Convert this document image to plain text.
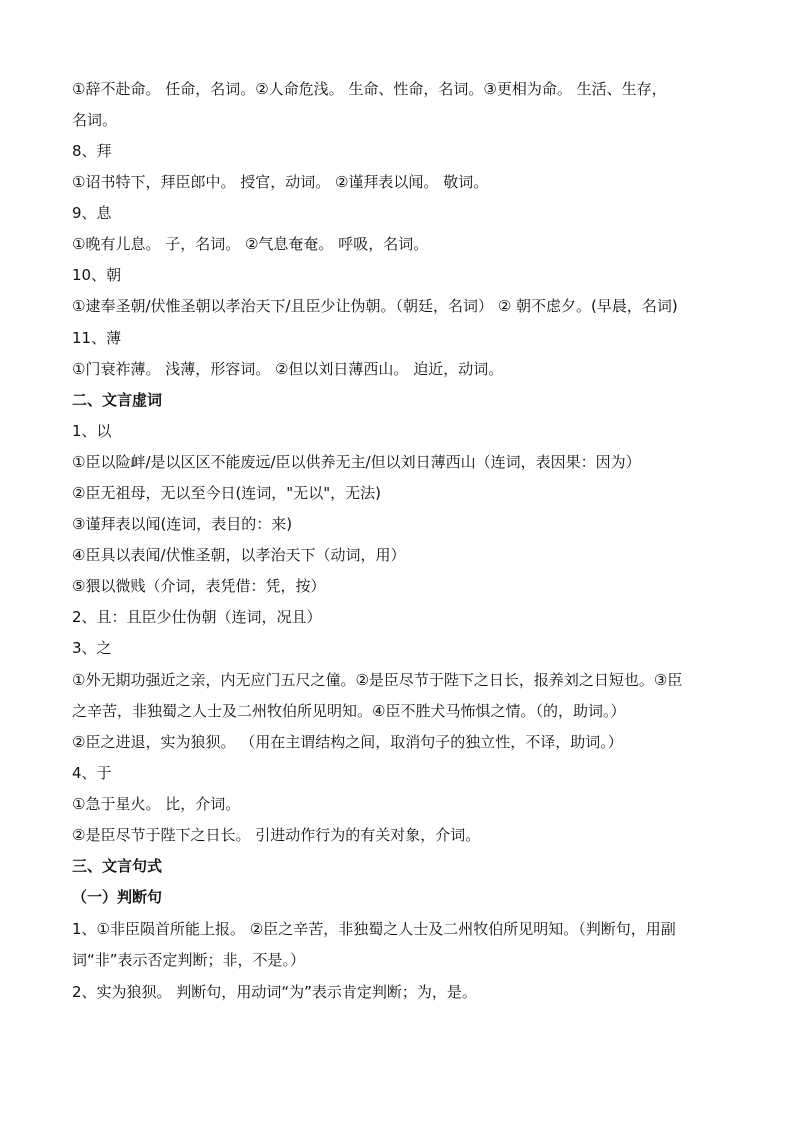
①辞不赴命。 任命，名词。②人命危浅。 生命、性命，名词。③更相为命。 生活、生存，
名词。
8、拜
①诏书特下，拜臣郎中。 授官，动词。 ②谨拜表以闻。 敬词。
9、息
①晚有儿息。 子，名词。 ②气息奄奄。 呼吸，名词。
10、朝
①逮奉圣朝/伏惟圣朝以孝治天下/且臣少让伪朝。（朝廷，名词） ② 朝不虑夕。(早晨，名词)
11、薄
①门衰祚薄。 浅薄，形容词。 ②但以刘日薄西山。 迫近，动词。
二、文言虚词
1、以
①臣以险衅/是以区区不能废远/臣以供养无主/但以刘日薄西山（连词，表因果：因为）
②臣无祖母，无以至今日(连词，"无以"，无法)
③谨拜表以闻(连词，表目的：来)
④臣具以表闻/伏惟圣朝，以孝治天下（动词，用）
⑤猥以微贱（介词，表凭借：凭，按）
2、且：且臣少仕伪朝（连词，况且）
3、之
①外无期功强近之亲，内无应门五尺之僮。②是臣尽节于陛下之日长，报养刘之日短也。③臣
之辛苦，非独蜀之人士及二州牧伯所见明知。④臣不胜犬马怖惧之情。（的，助词。）
②臣之进退，实为狼狈。 （用在主谓结构之间，取消句子的独立性，不译，助词。）
4、于
①急于星火。 比，介词。
②是臣尽节于陛下之日长。 引进动作行为的有关对象，介词。
三、文言句式
（一）判断句
1、①非臣陨首所能上报。 ②臣之辛苦，非独蜀之人士及二州牧伯所见明知。（判断句，用副
词“非”表示否定判断；非，不是。）
2、实为狼狈。 判断句，用动词“为”表示肯定判断；为，是。
